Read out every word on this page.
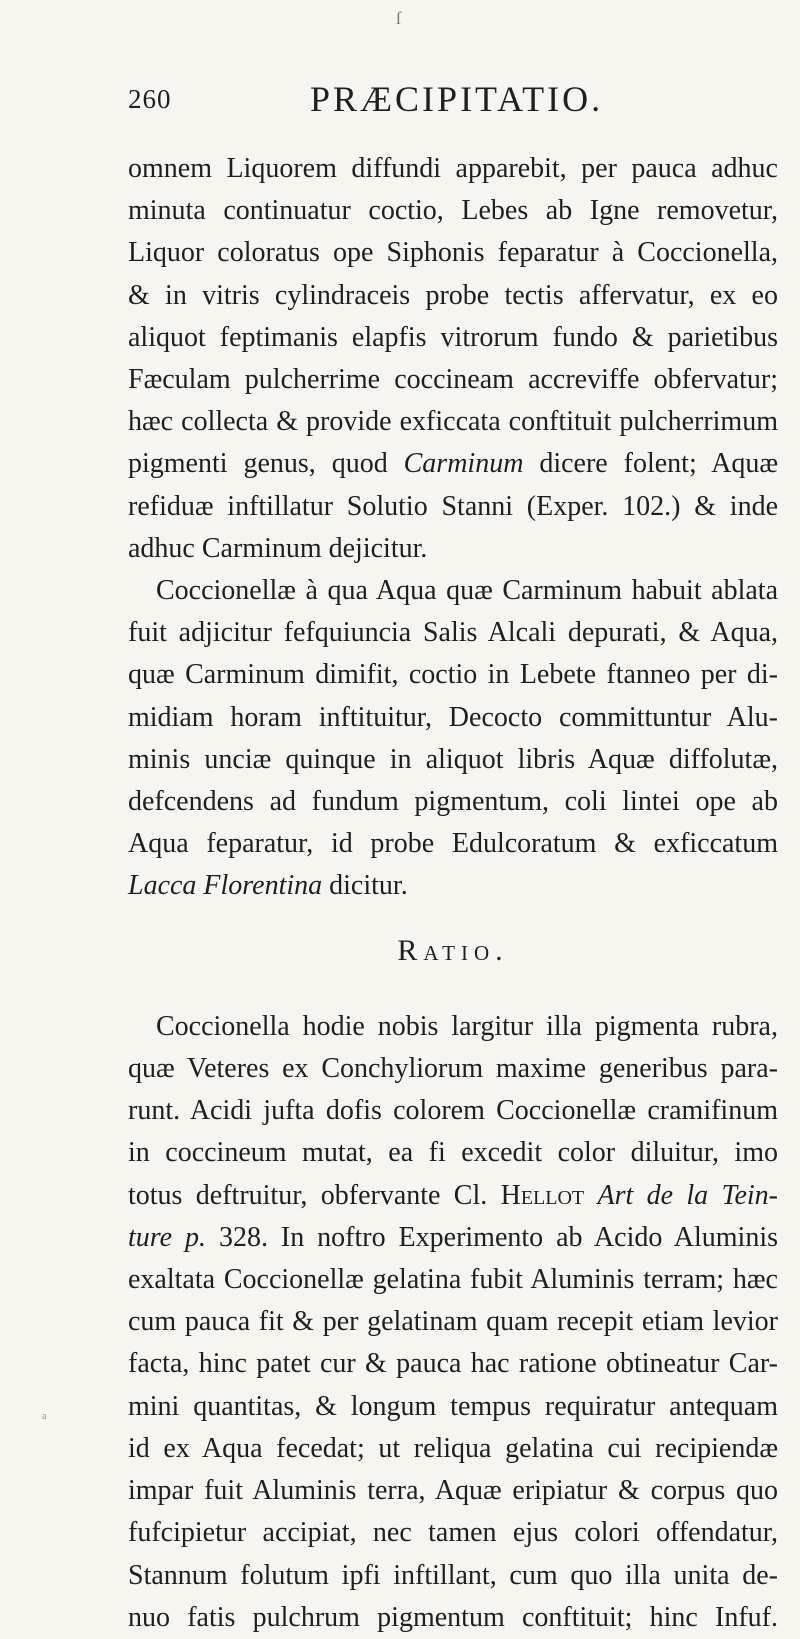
ſ
260	PRÆCIPITATIO.
omnem Liquorem diffundi apparebit, per pauca adhuc
minuta continuatur coctio, Lebes ab Igne removetur,
Liquor coloratus ope Siphonis feparatur à Coccionella,
& in vitris cylindraceis probe tectis affervatur, ex eo
aliquot feptimanis elapfis vitrorum fundo & parietibus
Fæculam pulcherrime coccineam accreviffe obfervatur;
hæc collecta & provide exficcata conftituit pulcherrimum
pigmenti genus, quod Carminum dicere folent; Aquæ
refiduæ inftillatur Solutio Stanni (Exper. 102.) & inde
adhuc Carminum dejicitur.
Coccionellæ à qua Aqua quæ Carminum habuit ablata
fuit adjicitur fefquiuncia Salis Alcali depurati, & Aqua,
quæ Carminum dimifit, coctio in Lebete ftanneo per di-
midiam horam inftituitur, Decocto committuntur Alu-
minis unciæ quinque in aliquot libris Aquæ diffolutæ,
defcendens ad fundum pigmentum, coli lintei ope ab
Aqua feparatur, id probe Edulcoratum & exficcatum
Lacca Florentina dicitur.
Ratio.
Coccionella hodie nobis largitur illa pigmenta rubra,
quæ Veteres ex Conchyliorum maxime generibus para-
runt. Acidi jufta dofis colorem Coccionellæ cramifinum
in coccineum mutat, ea fi excedit color diluitur, imo
totus deftruitur, obfervante Cl. Hellot Art de la Tein-
ture p. 328. In noftro Experimento ab Acido Aluminis
exaltata Coccionellæ gelatina fubit Aluminis terram; hæc
cum pauca fit & per gelatinam quam recepit etiam levior
facta, hinc patet cur & pauca hac ratione obtineatur Car-
mini quantitas, & longum tempus requiratur antequam
id ex Aqua fecedat; ut reliqua gelatina cui recipiendæ
impar fuit Aluminis terra, Aquæ eripiatur & corpus quo
fufcipietur accipiat, nec tamen ejus colori offendatur,
Stannum folutum ipfi inftillant, cum quo illa unita de-
nuo fatis pulchrum pigmentum conftituit; hinc Infuf.
ᵃ
